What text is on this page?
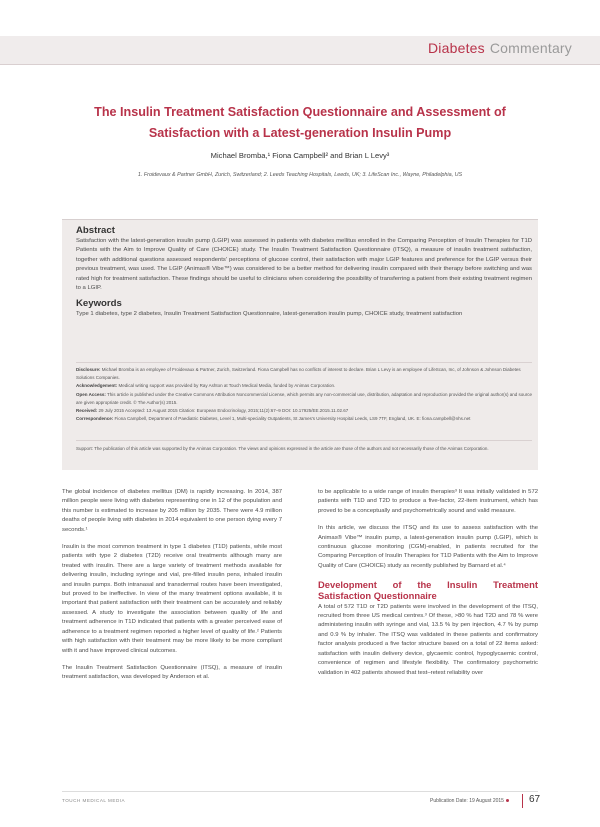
Diabetes Commentary
The Insulin Treatment Satisfaction Questionnaire and Assessment of
Satisfaction with a Latest-generation Insulin Pump
Michael Bromba,¹ Fiona Campbell² and Brian L Levy³
1. Froidevaux & Partner GmbH, Zurich, Switzerland; 2. Leeds Teaching Hospitals, Leeds, UK; 3. LifeScan Inc., Wayne, Philadelphia, US
Abstract

Satisfaction with the latest-generation insulin pump (LGIP) was assessed in patients with diabetes mellitus enrolled in the Comparing Perception of Insulin Therapies for T1D Patients with the Aim to Improve Quality of Care (CHOICE) study. The Insulin Treatment Satisfaction Questionnaire (ITSQ), a measure of insulin treatment satisfaction, together with additional questions assessed respondents' perceptions of glucose control, their satisfaction with major LGIP features and preference for the LGIP versus their previous treatment, was used. The LGIP (Animas® Vibe™) was considered to be a better method for delivering insulin compared with their therapy before switching and was rated high for treatment satisfaction. These findings should be useful to clinicians when considering the possibility of transferring a patient from their existing treatment regimen to a LGIP.

Keywords

Type 1 diabetes, type 2 diabetes, Insulin Treatment Satisfaction Questionnaire, latest-generation insulin pump, CHOICE study, treatment satisfaction

Disclosure: Michael Bromba is an employee of Froidevaux & Partner, Zurich, Switzerland. Fiona Campbell has no conflicts of interest to declare. Brian L Levy is an employee of LifeScan, Inc, of Johnson & Johnson Diabetes Solutions Companies.

Acknowledgement: Medical writing support was provided by Ray Ashton at Touch Medical Media, funded by Animas Corporation.

Open Access: This article is published under the Creative Commons Attribution Noncommercial License, which permits any non-commercial use, distribution, adaptation and reproduction provided the original author(s) and source are given appropriate credit. © The Author(s) 2015.

Received: 29 July 2015 Accepted: 13 August 2015 Citation: European Endocrinology, 2015;11(2):67–9 DOI: 10.17925/EE.2015.11.02.67

Correspondence: Fiona Campbell, Department of Paediatric Diabetes, Level 1, Multi-speciality Outpatients, St James's University Hospital Leeds, LS9 7TF, England, UK. E: fiona.campbell@nhs.net

Support: The publication of this article was supported by the Animas Corporation. The views and opinions expressed in the article are those of the authors and not necessarily those of the Animas Corporation.

The global incidence of diabetes mellitus (DM) is rapidly increasing. In 2014, 387 million people were living with diabetes representing one in 12 of the population and this number is estimated to increase by 205 million by 2035. There were 4.9 million deaths of people living with diabetes in 2014 equivalent to one person dying every 7 seconds.¹

Insulin is the most common treatment in type 1 diabetes (T1D) patients, while most patients with type 2 diabetes (T2D) receive oral treatments although many are treated with insulin. There are a large variety of treatment methods available for delivering insulin, including syringe and vial, pre-filled insulin pens, inhaled insulin and insulin pumps. Both intranasal and transdermal routes have been investigated, but proved to be ineffective. In view of the many treatment options available, it is important that patient satisfaction with their treatment can be accurately and reliably assessed. A study to investigate the association between quality of life and treatment adherence in T1D indicated that patients with a greater perceived ease of adherence to a treatment regimen reported a higher level of quality of life.² Patients with high satisfaction with their treatment may be more likely to be more compliant with it and have improved clinical outcomes.

The Insulin Treatment Satisfaction Questionnaire (ITSQ), a measure of insulin treatment satisfaction, was developed by Anderson et al.

to be applicable to a wide range of insulin therapies³ It was initially validated in 572 patients with T1D and T2D to produce a five-factor, 22-item instrument, which has proved to be a conceptually and psychometrically sound and valid measure.

In this article, we discuss the ITSQ and its use to assess satisfaction with the Animas® Vibe™ insulin pump, a latest-generation insulin pump (LGIP), which is continuous glucose monitoring (CGM)-enabled, in patients recruited for the Comparing Perception of Insulin Therapies for T1D Patients with the Aim to Improve Quality of Care (CHOICE) study as recently published by Barnard et al.⁴

Development of the Insulin Treatment Satisfaction Questionnaire

A total of 572 T1D or T2D patients were involved in the development of the ITSQ, recruited from three US medical centres.³ Of these, >80 % had T2D and 78 % were administering insulin with syringe and vial, 13.5 % by pen injection, 4.7 % by pump and 0.9 % by inhaler. The ITSQ was validated in these patients and confirmatory factor analysis produced a five factor structure based on a total of 22 items asked: satisfaction with insulin delivery device, glycaemic control, hypoglycaemic control, convenience of regimen and lifestyle flexibility. The confirmatory psychometric validation in 402 patients showed that test–retest reliability over

TOUCH MEDICAL MEDIA	Publication Date: 19 August 2015	67
